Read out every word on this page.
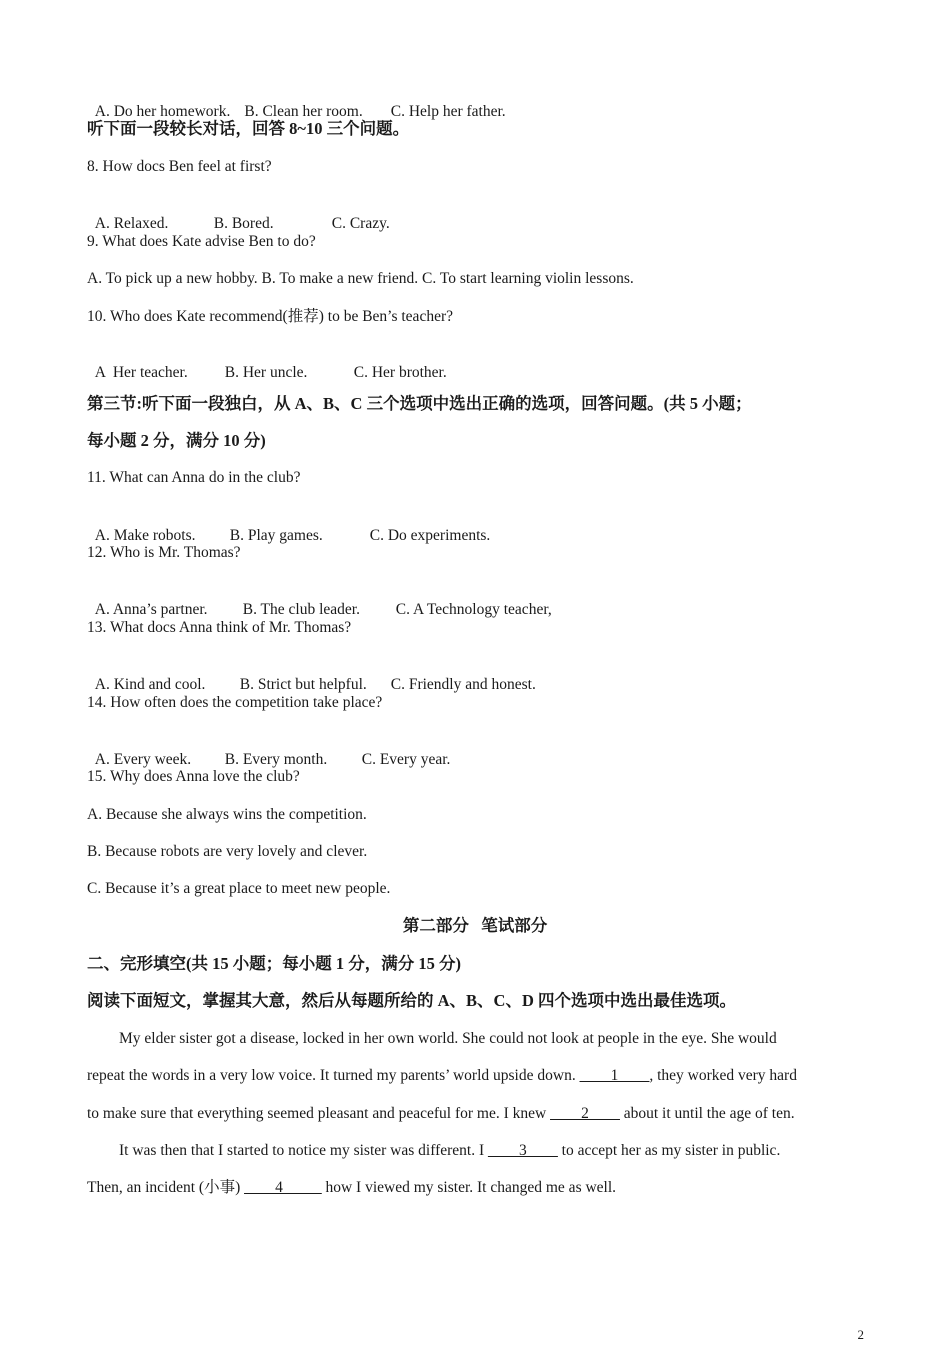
A. Do her homework. B. Clean her room. C. Help her father.

听下面一段较长对话，回答 8~10 三个问题。
8. How docs Ben feel at first?

A. Relaxed.	B. Bored.	C. Crazy.

9. What does Kate advise Ben to do?
A. To pick up a new hobby. B. To make a new friend. C. To start learning violin lessons.
10. Who does Kate recommend(推荐) to be Ben’s teacher?

A  Her teacher. B. Her uncle.	C. Her brother.

第三节:听下面一段独白，从 A、B、C 三个选项中选出正确的选项，回答问题。(共 5 小题；
每小题 2 分，满分 10 分)
11. What can Anna do in the club?

A. Make robots. B. Play games.	C. Do experiments.

12. Who is Mr. Thomas?

A. Anna’s partner. B. The club leader. C. A Technology teacher,

13. What docs Anna think of Mr. Thomas?

A. Kind and cool. B. Strict but helpful. C. Friendly and honest.

14. How often does the competition take place?

A. Every week. B. Every month. C. Every year.

15. Why does Anna love the club?
A. Because she always wins the competition.
B. Because robots are very lovely and clever.
C. Because it’s a great place to meet new people.
第二部分   笔试部分
二、完形填空(共 15 小题；每小题 1 分，满分 15 分)
阅读下面短文，掌握其大意，然后从每题所给的 A、B、C、D 四个选项中选出最佳选项。
My elder sister got a disease, locked in her own world. She could not look at people in the eye. She would
repeat the words in a very low voice. It turned my parents’ world upside down. ____1____, they worked very hard
to make sure that everything seemed pleasant and peaceful for me. I knew ____2____ about it until the age of ten.
It was then that I started to notice my sister was different. I ____3____ to accept her as my sister in public.
Then, an incident (小事) ____4_____ how I viewed my sister. It changed me as well.
2
